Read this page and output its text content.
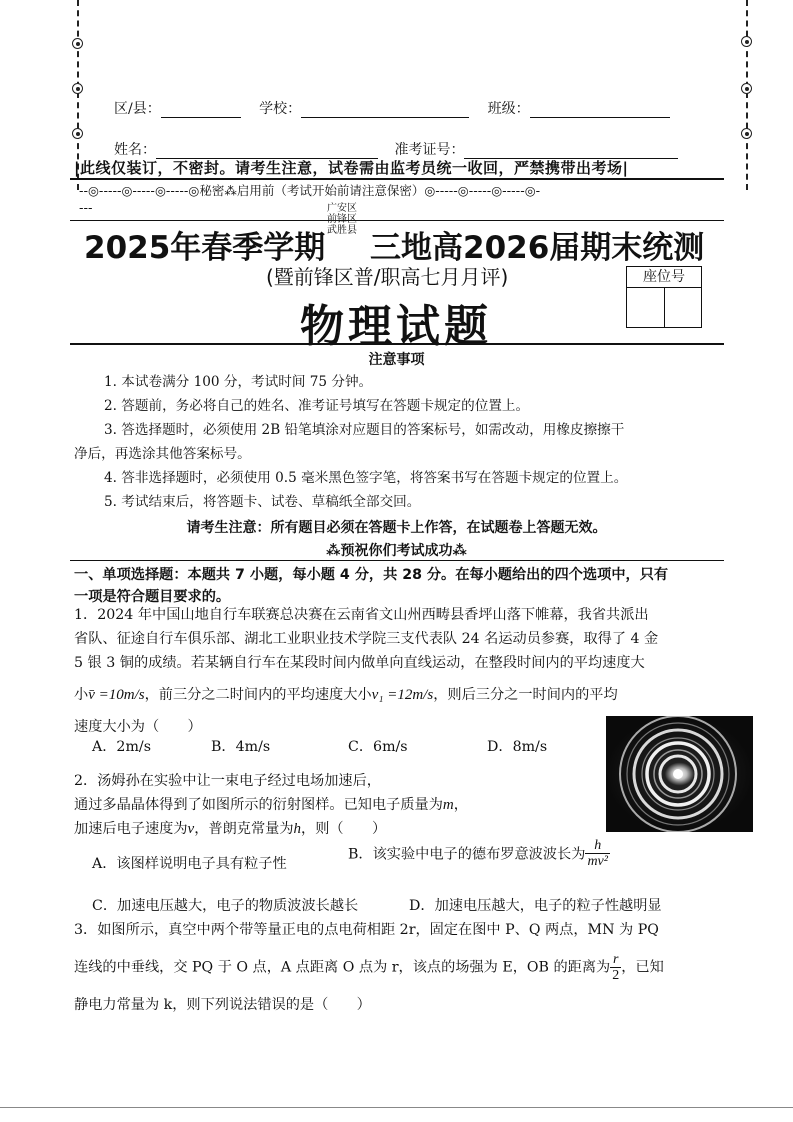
区/县：	学校：	班级：
姓名：	准考证号：
|此线仅装订，不密封。请考生注意，试卷需由监考员统一收回，严禁携带出考场|
--◎-----◎-----◎-----◎秘密⁂启用前（考试开始前请注意保密）◎-----◎-----◎-----◎-
---
2025年春季学期
广安区
前锋区
武胜县 三地高2026届期末统测
(暨前锋区普/职高七月月评)	座位号
物理试题
注意事项
1. 本试卷满分 100 分，考试时间 75 分钟。
2. 答题前，务必将自己的姓名、准考证号填写在答题卡规定的位置上。
3. 答选择题时，必须使用 2B 铅笔填涂对应题目的答案标号，如需改动，用橡皮擦擦干
净后，再选涂其他答案标号。
4. 答非选择题时，必须使用 0.5 毫米黑色签字笔，将答案书写在答题卡规定的位置上。
5. 考试结束后，将答题卡、试卷、草稿纸全部交回。
请考生注意：所有题目必须在答题卡上作答，在试题卷上答题无效。
⁂预祝你们考试成功⁂
一、单项选择题：本题共 7 小题，每小题 4 分，共 28 分。在每小题给出的四个选项中，只有
一项是符合题目要求的。
1．2024 年中国山地自行车联赛总决赛在云南省文山州西畴县香坪山落下帷幕，我省共派出
省队、征途自行车俱乐部、湖北工业职业技术学院三支代表队 24 名运动员参赛，取得了 4 金
5 银 3 铜的成绩。若某辆自行车在某段时间内做单向直线运动，在整段时间内的平均速度大
小v̄ =10m/s，前三分之二时间内的平均速度大小v₁ =12m/s，则后三分之一时间内的平均
速度大小为（　　）
A．2m/s	B．4m/s	C．6m/s	D．8m/s
2．汤姆孙在实验中让一束电子经过电场加速后，
通过多晶晶体得到了如图所示的衍射图样。已知电子质量为m，
加速后电子速度为v，普朗克常量为h，则（　　）
A．该图样说明电子具有粒子性
B．该实验中电子的德布罗意波波长为 $\frac{h}{\text{mv²}}$
C．加速电压越大，电子的物质波波长越长	D．加速电压越大，电子的粒子性越明显
3．如图所示，真空中两个带等量正电的点电荷相距 2r，固定在图中 P、Q 两点，MN 为 PQ
连线的中垂线，交 PQ 于 O 点，A 点距离 O 点为 r，该点的场强为 E，OB 的距离为 $\frac{r}{2}$ ，已知
静电力常量为 k，则下列说法错误的是（　　）
